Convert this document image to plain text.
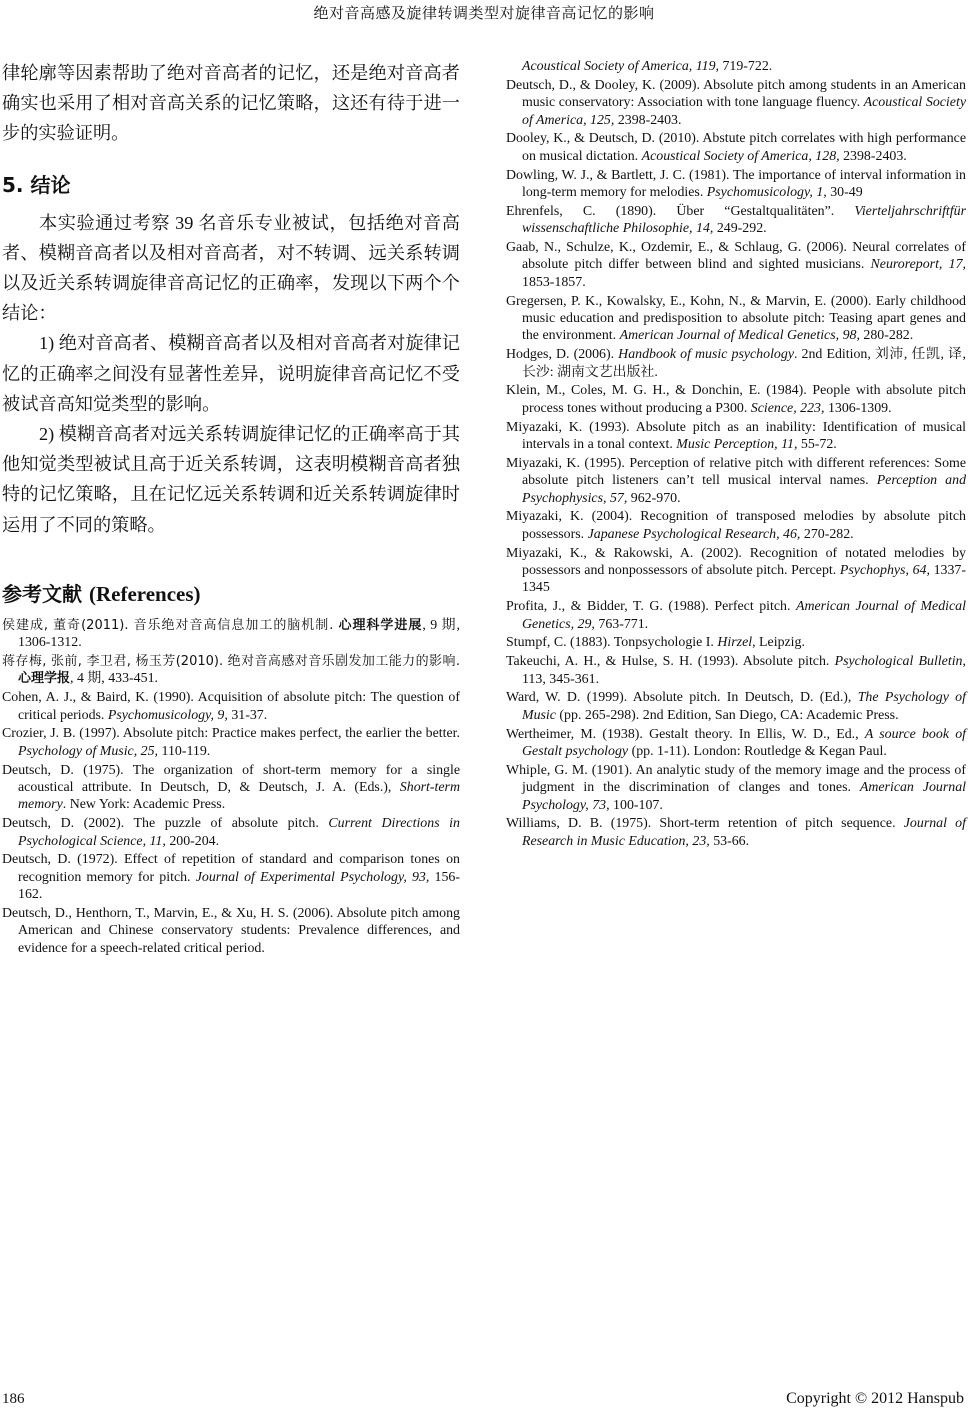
绝对音高感及旋律转调类型对旋律音高记忆的影响

律轮廓等因素帮助了绝对音高者的记忆，还是绝对音高者确实也采用了相对音高关系的记忆策略，这还有待于进一步的实验证明。

5. 结论

本实验通过考察 39 名音乐专业被试，包括绝对音高者、模糊音高者以及相对音高者，对不转调、远关系转调以及近关系转调旋律音高记忆的正确率，发现以下两个个结论：

1) 绝对音高者、模糊音高者以及相对音高者对旋律记忆的正确率之间没有显著性差异，说明旋律音高记忆不受被试音高知觉类型的影响。

2) 模糊音高者对远关系转调旋律记忆的正确率高于其他知觉类型被试且高于近关系转调，这表明模糊音高者独特的记忆策略，且在记忆远关系转调和近关系转调旋律时运用了不同的策略。

参考文献 (References)

侯建成, 董奇(2011). 音乐绝对音高信息加工的脑机制. 心理科学进展, 9 期, 1306-1312.

蒋存梅, 张前, 李卫君, 杨玉芳(2010). 绝对音高感对音乐剧发加工能力的影响. 心理学报, 4 期, 433-451.

Cohen, A. J., & Baird, K. (1990). Acquisition of absolute pitch: The question of critical periods. Psychomusicology, 9, 31-37.

Crozier, J. B. (1997). Absolute pitch: Practice makes perfect, the earlier the better. Psychology of Music, 25, 110-119.

Deutsch, D. (1975). The organization of short-term memory for a single acoustical attribute. In Deutsch, D, & Deutsch, J. A. (Eds.), Short-term memory. New York: Academic Press.

Deutsch, D. (2002). The puzzle of absolute pitch. Current Directions in Psychological Science, 11, 200-204.

Deutsch, D. (1972). Effect of repetition of standard and comparison tones on recognition memory for pitch. Journal of Experimental Psychology, 93, 156-162.

Deutsch, D., Henthorn, T., Marvin, E., & Xu, H. S. (2006). Absolute pitch among American and Chinese conservatory students: Prevalence differences, and evidence for a speech-related critical period.

Acoustical Society of America, 119, 719-722.

Deutsch, D., & Dooley, K. (2009). Absolute pitch among students in an American music conservatory: Association with tone language fluency. Acoustical Society of America, 125, 2398-2403.

Dooley, K., & Deutsch, D. (2010). Abstute pitch correlates with high performance on musical dictation. Acoustical Society of America, 128, 2398-2403.

Dowling, W. J., & Bartlett, J. C. (1981). The importance of interval information in long-term memory for melodies. Psychomusicology, 1, 30-49

Ehrenfels, C. (1890). Über “Gestaltqualitäten”. Vierteljahrschriftfür wissenschaftliche Philosophie, 14, 249-292.

Gaab, N., Schulze, K., Ozdemir, E., & Schlaug, G. (2006). Neural correlates of absolute pitch differ between blind and sighted musicians. Neuroreport, 17, 1853-1857.

Gregersen, P. K., Kowalsky, E., Kohn, N., & Marvin, E. (2000). Early childhood music education and predisposition to absolute pitch: Teasing apart genes and the environment. American Journal of Medical Genetics, 98, 280-282.

Hodges, D. (2006). Handbook of music psychology. 2nd Edition, 刘沛, 任凯, 译, 长沙: 湖南文艺出版社.

Klein, M., Coles, M. G. H., & Donchin, E. (1984). People with absolute pitch process tones without producing a P300. Science, 223, 1306-1309.

Miyazaki, K. (1993). Absolute pitch as an inability: Identification of musical intervals in a tonal context. Music Perception, 11, 55-72.

Miyazaki, K. (1995). Perception of relative pitch with different references: Some absolute pitch listeners can’t tell musical interval names. Perception and Psychophysics, 57, 962-970.

Miyazaki, K. (2004). Recognition of transposed melodies by absolute pitch possessors. Japanese Psychological Research, 46, 270-282.

Miyazaki, K., & Rakowski, A. (2002). Recognition of notated melodies by possessors and nonpossessors of absolute pitch. Percept. Psychophys, 64, 1337-1345

Profita, J., & Bidder, T. G. (1988). Perfect pitch. American Journal of Medical Genetics, 29, 763-771.

Stumpf, C. (1883). Tonpsychologie I. Hirzel, Leipzig.

Takeuchi, A. H., & Hulse, S. H. (1993). Absolute pitch. Psychological Bulletin, 113, 345-361.

Ward, W. D. (1999). Absolute pitch. In Deutsch, D. (Ed.), The Psychology of Music (pp. 265-298). 2nd Edition, San Diego, CA: Academic Press.

Wertheimer, M. (1938). Gestalt theory. In Ellis, W. D., Ed., A source book of Gestalt psychology (pp. 1-11). London: Routledge & Kegan Paul.

Whiple, G. M. (1901). An analytic study of the memory image and the process of judgment in the discrimination of clanges and tones. American Journal Psychology, 73, 100-107.

Williams, D. B. (1975). Short-term retention of pitch sequence. Journal of Research in Music Education, 23, 53-66.

186	Copyright © 2012 Hanspub
